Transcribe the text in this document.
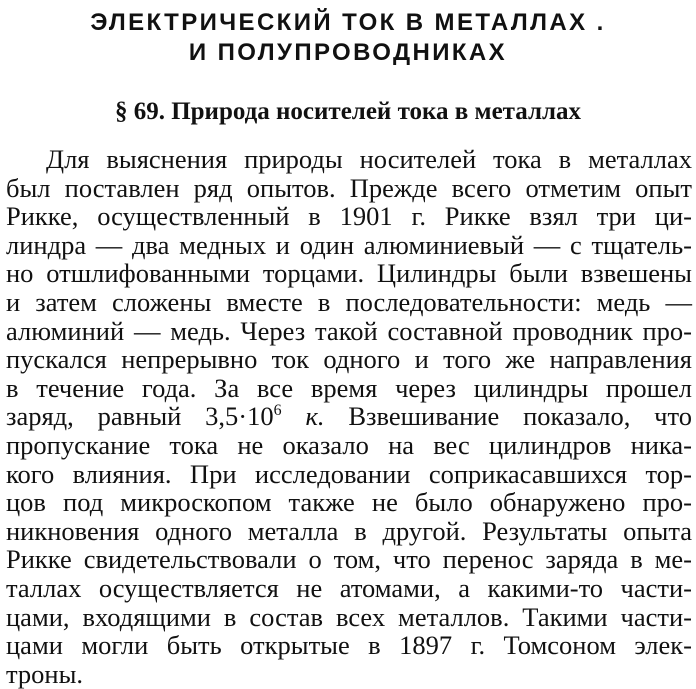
ЭЛЕКТРИЧЕСКИЙ ТОК В МЕТАЛЛАХ .
И ПОЛУПРОВОДНИКАХ
§ 69. Природа носителей тока в металлах

Для выяснения природы носителей тока в металлах
был поставлен ряд опытов. Прежде всего отметим опыт
Рикке, осуществленный в 1901 г. Рикке взял три ци-
линдра — два медных и один алюминиевый — с тщатель-
но отшлифованными торцами. Цилиндры были взвешены
и затем сложены вместе в последовательности: медь —
алюминий — медь. Через такой составной проводник про-
пускался непрерывно ток одного и того же направления
в течение года. За все время через цилиндры прошел
заряд, равный $3,5\cdot 10^6$ к. Взвешивание показало, что
пропускание тока не оказало на вес цилиндров ника-
кого влияния. При исследовании соприкасавшихся тор-
цов под микроскопом также не было обнаружено про-
никновения одного металла в другой. Результаты опыта
Рикке свидетельствовали о том, что перенос заряда в ме-
таллах осуществляется не атомами, а какими-то части-
цами, входящими в состав всех металлов. Такими части-
цами могли быть открытые в 1897 г. Томсоном элек-
троны.
